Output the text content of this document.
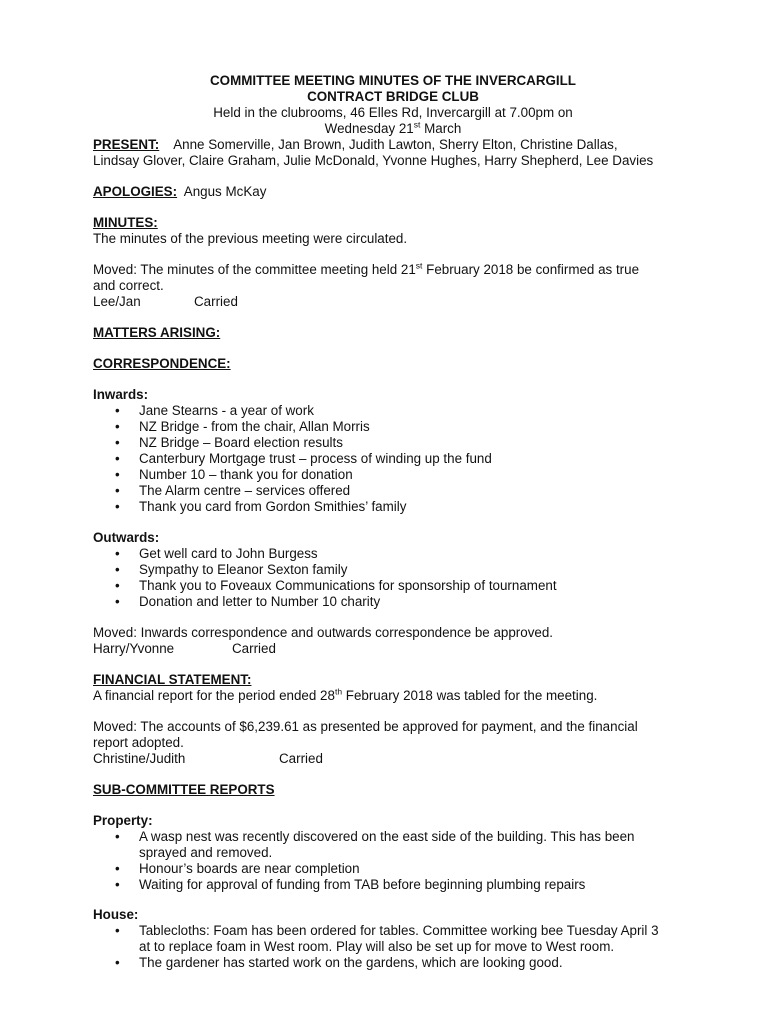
COMMITTEE MEETING MINUTES OF THE INVERCARGILL
CONTRACT BRIDGE CLUB
Held in the clubrooms, 46 Elles Rd, Invercargill at 7.00pm on
Wednesday 21st March
PRESENT: Anne Somerville, Jan Brown, Judith Lawton, Sherry Elton, Christine Dallas,
Lindsay Glover, Claire Graham, Julie McDonald, Yvonne Hughes, Harry Shepherd, Lee Davies
APOLOGIES: Angus McKay
MINUTES:
The minutes of the previous meeting were circulated.
Moved: The minutes of the committee meeting held 21st February 2018 be confirmed as true
and correct.
Lee/Jan	Carried
MATTERS ARISING:
CORRESPONDENCE:
Inwards:
• Jane Stearns - a year of work
• NZ Bridge - from the chair, Allan Morris
• NZ Bridge – Board election results
• Canterbury Mortgage trust – process of winding up the fund
• Number 10 – thank you for donation
• The Alarm centre – services offered
• Thank you card from Gordon Smithies’ family
Outwards:
• Get well card to John Burgess
• Sympathy to Eleanor Sexton family
• Thank you to Foveaux Communications for sponsorship of tournament
• Donation and letter to Number 10 charity
Moved: Inwards correspondence and outwards correspondence be approved.
Harry/Yvonne	Carried
FINANCIAL STATEMENT:
A financial report for the period ended 28th February 2018 was tabled for the meeting.
Moved: The accounts of $6,239.61 as presented be approved for payment, and the financial
report adopted.
Christine/Judith	Carried
SUB-COMMITTEE REPORTS
Property:
• A wasp nest was recently discovered on the east side of the building. This has been
sprayed and removed.
• Honour’s boards are near completion
• Waiting for approval of funding from TAB before beginning plumbing repairs
House:
• Tablecloths: Foam has been ordered for tables. Committee working bee Tuesday April 3
at to replace foam in West room. Play will also be set up for move to West room.
• The gardener has started work on the gardens, which are looking good.
